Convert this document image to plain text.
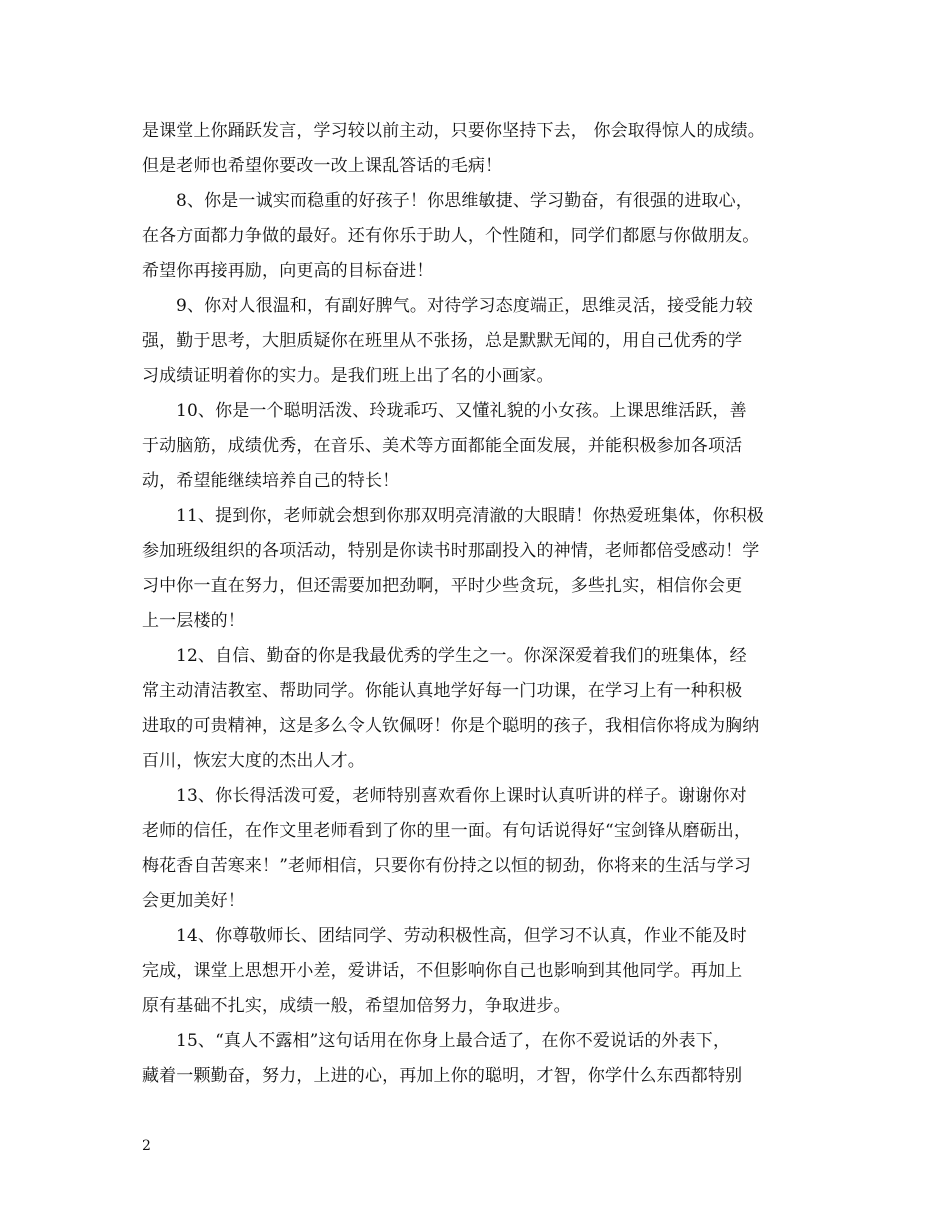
是课堂上你踊跃发言，学习较以前主动，只要你坚持下去， 你会取得惊人的成绩。
但是老师也希望你要改一改上课乱答话的毛病！
8、你是一诚实而稳重的好孩子！你思维敏捷、学习勤奋，有很强的进取心，
在各方面都力争做的最好。还有你乐于助人，个性随和，同学们都愿与你做朋友。
希望你再接再励，向更高的目标奋进！
9、你对人很温和，有副好脾气。对待学习态度端正，思维灵活，接受能力较
强，勤于思考，大胆质疑你在班里从不张扬，总是默默无闻的，用自己优秀的学
习成绩证明着你的实力。是我们班上出了名的小画家。
10、你是一个聪明活泼、玲珑乖巧、又懂礼貌的小女孩。上课思维活跃，善
于动脑筋，成绩优秀，在音乐、美术等方面都能全面发展，并能积极参加各项活
动，希望能继续培养自己的特长！
11、提到你，老师就会想到你那双明亮清澈的大眼睛！你热爱班集体，你积极
参加班级组织的各项活动，特别是你读书时那副投入的神情，老师都倍受感动！学
习中你一直在努力，但还需要加把劲啊，平时少些贪玩，多些扎实，相信你会更
上一层楼的！
12、自信、勤奋的你是我最优秀的学生之一。你深深爱着我们的班集体，经
常主动清洁教室、帮助同学。你能认真地学好每一门功课，在学习上有一种积极
进取的可贵精神，这是多么令人钦佩呀！你是个聪明的孩子，我相信你将成为胸纳
百川，恢宏大度的杰出人才。
13、你长得活泼可爱，老师特别喜欢看你上课时认真听讲的样子。谢谢你对
老师的信任，在作文里老师看到了你的里一面。有句话说得好“宝剑锋从磨砺出，
梅花香自苦寒来！”老师相信，只要你有份持之以恒的韧劲，你将来的生活与学习
会更加美好！
14、你尊敬师长、团结同学、劳动积极性高，但学习不认真，作业不能及时
完成，课堂上思想开小差，爱讲话，不但影响你自己也影响到其他同学。再加上
原有基础不扎实，成绩一般，希望加倍努力，争取进步。
15、“真人不露相”这句话用在你身上最合适了，在你不爱说话的外表下，
藏着一颗勤奋，努力，上进的心，再加上你的聪明，才智，你学什么东西都特别
2
